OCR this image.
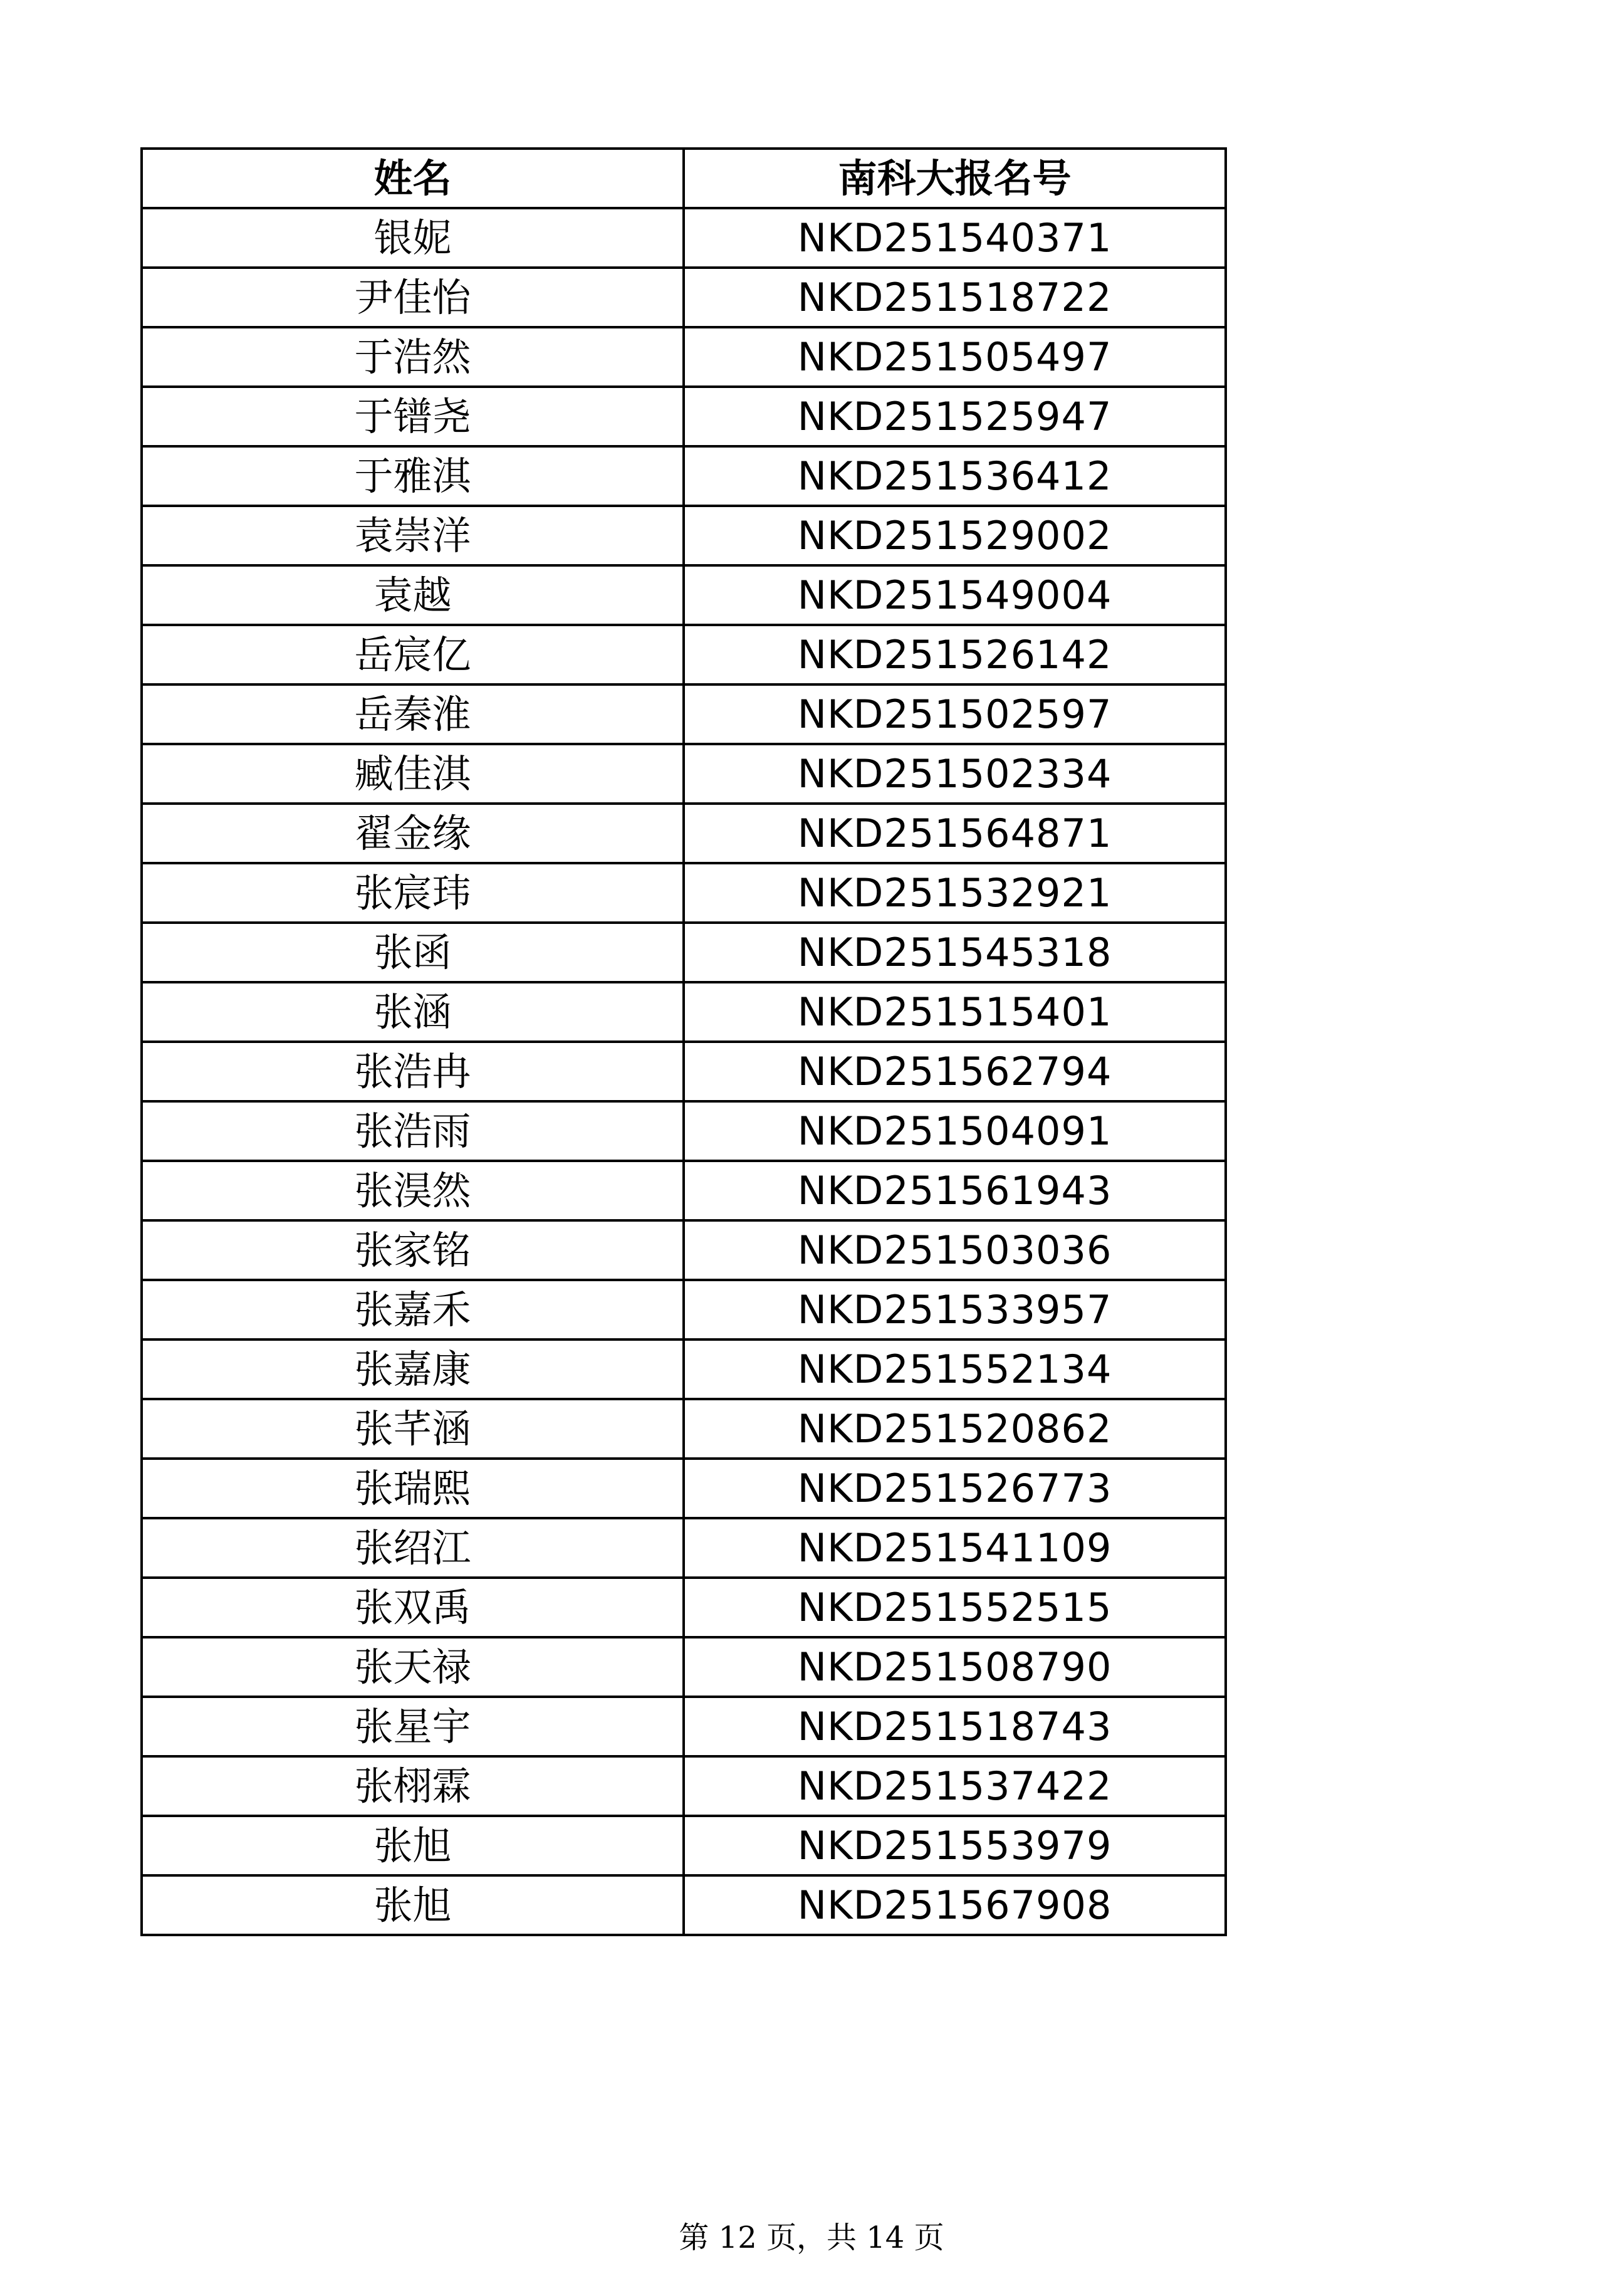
姓名	南科大报名号
银妮	NKD251540371
尹佳怡	NKD251518722
于浩然	NKD251505497
于镨尧	NKD251525947
于雅淇	NKD251536412
袁崇洋	NKD251529002
袁越	NKD251549004
岳宸亿	NKD251526142
岳秦淮	NKD251502597
臧佳淇	NKD251502334
翟金缘	NKD251564871
张宸玮	NKD251532921
张函	NKD251545318
张涵	NKD251515401
张浩冉	NKD251562794
张浩雨	NKD251504091
张淏然	NKD251561943
张家铭	NKD251503036
张嘉禾	NKD251533957
张嘉康	NKD251552134
张芊涵	NKD251520862
张瑞熙	NKD251526773
张绍江	NKD251541109
张双禹	NKD251552515
张天禄	NKD251508790
张星宇	NKD251518743
张栩霖	NKD251537422
张旭	NKD251553979
张旭	NKD251567908
第 12 页，共 14 页
